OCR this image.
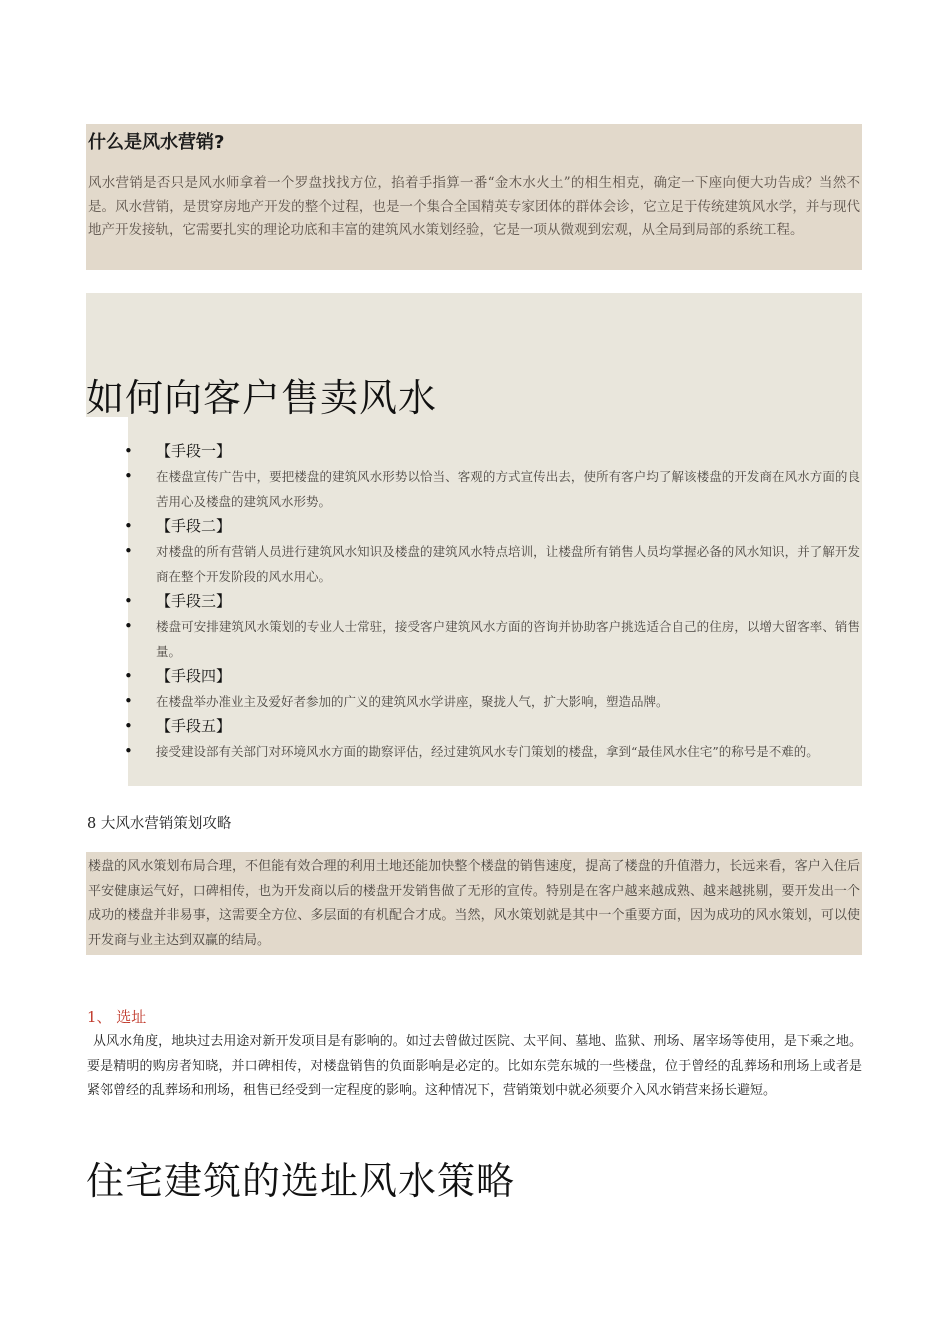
什么是风水营销?
风水营销是否只是风水师拿着一个罗盘找找方位，掐着手指算一番“金木水火土”的相生相克，确定一下座向便大功告成？当然不是。风水营销，是贯穿房地产开发的整个过程，也是一个集合全国精英专家团体的群体会诊，它立足于传统建筑风水学，并与现代地产开发接轨，它需要扎实的理论功底和丰富的建筑风水策划经验，它是一项从微观到宏观，从全局到局部的系统工程。
如何向客户售卖风水
• 【手段一】
• 在楼盘宣传广告中，要把楼盘的建筑风水形势以恰当、客观的方式宣传出去，使所有客户均了解该楼盘的开发商在风水方面的良苦用心及楼盘的建筑风水形势。
• 【手段二】
• 对楼盘的所有营销人员进行建筑风水知识及楼盘的建筑风水特点培训，让楼盘所有销售人员均掌握必备的风水知识，并了解开发商在整个开发阶段的风水用心。
• 【手段三】
• 楼盘可安排建筑风水策划的专业人士常驻，接受客户建筑风水方面的咨询并协助客户挑选适合自己的住房，以增大留客率、销售量。
• 【手段四】
• 在楼盘举办准业主及爱好者参加的广义的建筑风水学讲座，聚拢人气，扩大影响，塑造品牌。
• 【手段五】
• 接受建设部有关部门对环境风水方面的勘察评估，经过建筑风水专门策划的楼盘，拿到“最佳风水住宅”的称号是不难的。
8 大风水营销策划攻略
楼盘的风水策划布局合理，不但能有效合理的利用土地还能加快整个楼盘的销售速度，提高了楼盘的升值潜力，长远来看，客户入住后平安健康运气好，口碑相传，也为开发商以后的楼盘开发销售做了无形的宣传。特别是在客户越来越成熟、越来越挑剔，要开发出一个成功的楼盘并非易事，这需要全方位、多层面的有机配合才成。当然，风水策划就是其中一个重要方面，因为成功的风水策划，可以使开发商与业主达到双赢的结局。
1、 选址
从风水角度，地块过去用途对新开发项目是有影响的。如过去曾做过医院、太平间、墓地、监狱、刑场、屠宰场等使用，是下乘之地。要是精明的购房者知晓，并口碑相传，对楼盘销售的负面影响是必定的。比如东莞东城的一些楼盘，位于曾经的乱葬场和刑场上或者是紧邻曾经的乱葬场和刑场，租售已经受到一定程度的影响。这种情况下，营销策划中就必须要介入风水销营来扬长避短。
住宅建筑的选址风水策略
